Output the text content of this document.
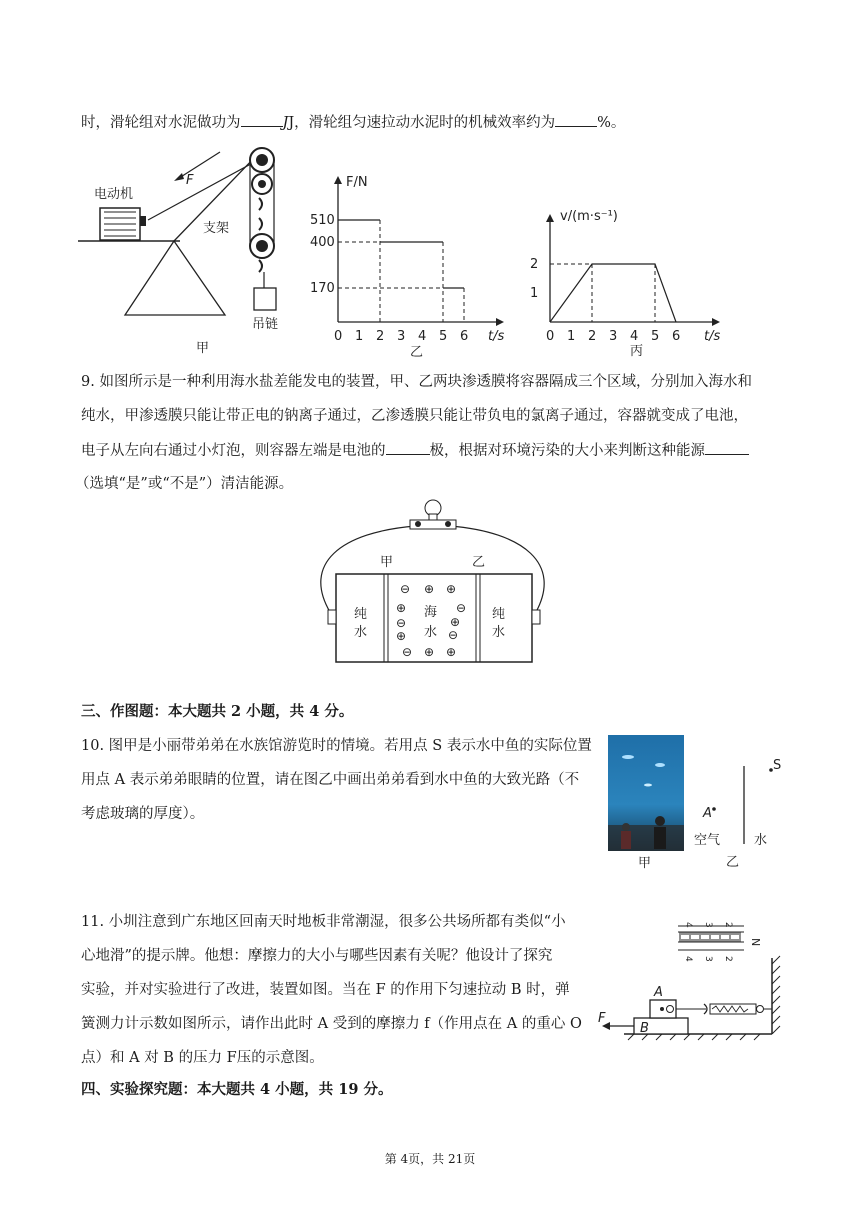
时，滑轮组对水泥做功为	JJ，滑轮组匀速拉动水泥时的机械效率约为	%。
电动机
F
支架
吊链
甲
F/N
t/s
0 1 2 3 4 5 6
170
400
510
乙
v/(m·s⁻¹)
t/s
0 1 2 3 4 5 6
1
2
丙
9. 如图所示是一种利用海水盐差能发电的装置，甲、乙两块渗透膜将容器隔成三个区域，分别加入海水和
纯水，甲渗透膜只能让带正电的钠离子通过，乙渗透膜只能让带负电的氯离子通过，容器就变成了电池，
电子从左向右通过小灯泡，则容器左端是电池的	极，根据对环境污染的大小来判断这种能源
（选填“是”或“不是”）清洁能源。
甲	乙
纯
水
海
水
纯
水
⊖ ⊕ ⊕
⊕	⊖
⊖	⊕
⊕	⊖
⊖ ⊕ ⊕
三、作图题：本大题共 2 小题，共 4 分。
10. 图甲是小丽带弟弟在水族馆游览时的情境。若用点 S 表示水中鱼的实际位置
用点 A 表示弟弟眼睛的位置，请在图乙中画出弟弟看到水中鱼的大致光路（不
考虑玻璃的厚度）。
甲
S
A
空气	水
乙
11. 小圳注意到广东地区回南天时地板非常潮湿，很多公共场所都有类似“小
心地滑”的提示牌。他想：摩擦力的大小与哪些因素有关呢？他设计了探究
实验，并对实验进行了改进，装置如图。当在 F 的作用下匀速拉动 B 时，弹
簧测力计示数如图所示，请作出此时 A 受到的摩擦力 f（作用点在 A 的重心 O
点）和 A 对 B 的压力 F压的示意图。
4 3 2
4 3 2
N
B
A
F
四、实验探究题：本大题共 4 小题，共 19 分。
第 4页，共 21页
